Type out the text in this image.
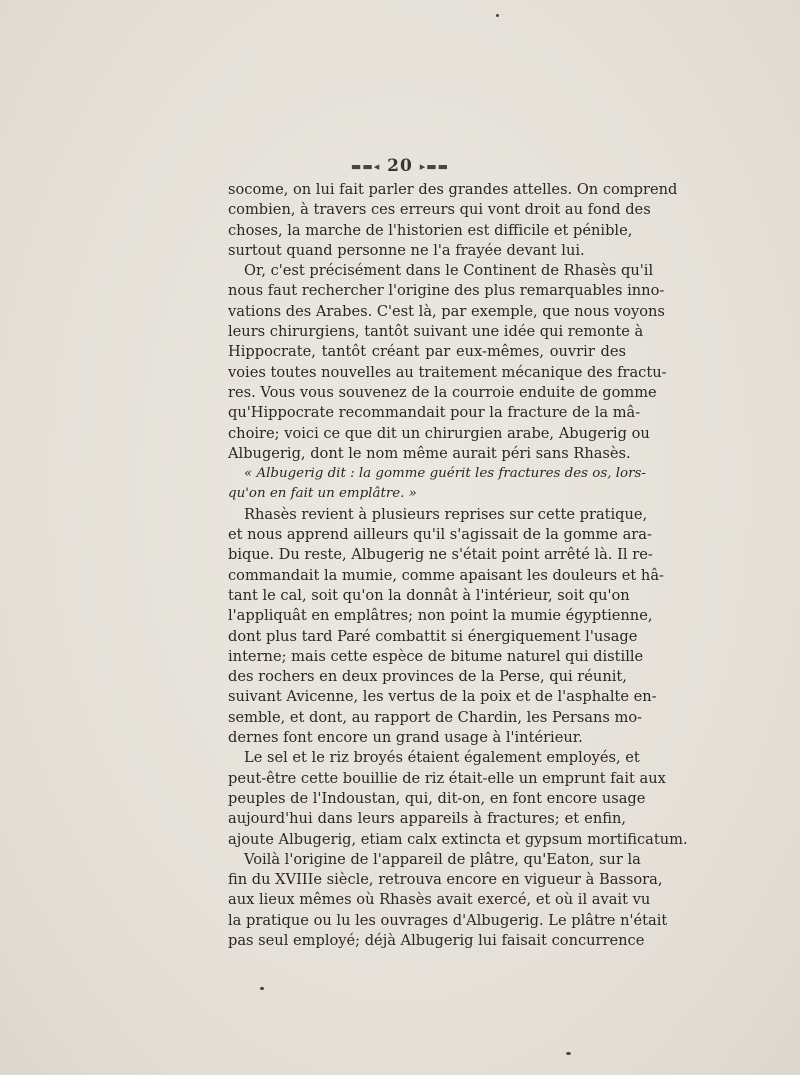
▬▬◂ 20 ▸▬▬
socome, on lui fait parler des grandes attelles. On comprend
combien, à travers ces erreurs qui vont droit au fond des
choses, la marche de l'historien est difficile et pénible,
surtout quand personne ne l'a frayée devant lui.
Or, c'est précisément dans le Continent de Rhasès qu'il
nous faut rechercher l'origine des plus remarquables inno-
vations des Arabes. C'est là, par exemple, que nous voyons
leurs chirurgiens, tantôt suivant une idée qui remonte à
Hippocrate, tantôt créant par eux-mêmes, ouvrir des
voies toutes nouvelles au traitement mécanique des fractu-
res. Vous vous souvenez de la courroie enduite de gomme
qu'Hippocrate recommandait pour la fracture de la mâ-
choire; voici ce que dit un chirurgien arabe, Abugerig ou
Albugerig, dont le nom même aurait péri sans Rhasès.
« Albugerig dit : la gomme guérit les fractures des os, lors-
qu'on en fait un emplâtre. »
Rhasès revient à plusieurs reprises sur cette pratique,
et nous apprend ailleurs qu'il s'agissait de la gomme ara-
bique. Du reste, Albugerig ne s'était point arrêté là. Il re-
commandait la mumie, comme apaisant les douleurs et hâ-
tant le cal, soit qu'on la donnât à l'intérieur, soit qu'on
l'appliquât en emplâtres; non point la mumie égyptienne,
dont plus tard Paré combattit si énergiquement l'usage
interne; mais cette espèce de bitume naturel qui distille
des rochers en deux provinces de la Perse, qui réunit,
suivant Avicenne, les vertus de la poix et de l'asphalte en-
semble, et dont, au rapport de Chardin, les Persans mo-
dernes font encore un grand usage à l'intérieur.
Le sel et le riz broyés étaient également employés, et
peut-être cette bouillie de riz était-elle un emprunt fait aux
peuples de l'Indoustan, qui, dit-on, en font encore usage
aujourd'hui dans leurs appareils à fractures; et enfin,
ajoute Albugerig, etiam calx extincta et gypsum mortificatum.
Voilà l'origine de l'appareil de plâtre, qu'Eaton, sur la
fin du XVIIIe siècle, retrouva encore en vigueur à Bassora,
aux lieux mêmes où Rhasès avait exercé, et où il avait vu
la pratique ou lu les ouvrages d'Albugerig. Le plâtre n'était
pas seul employé; déjà Albugerig lui faisait concurrence
